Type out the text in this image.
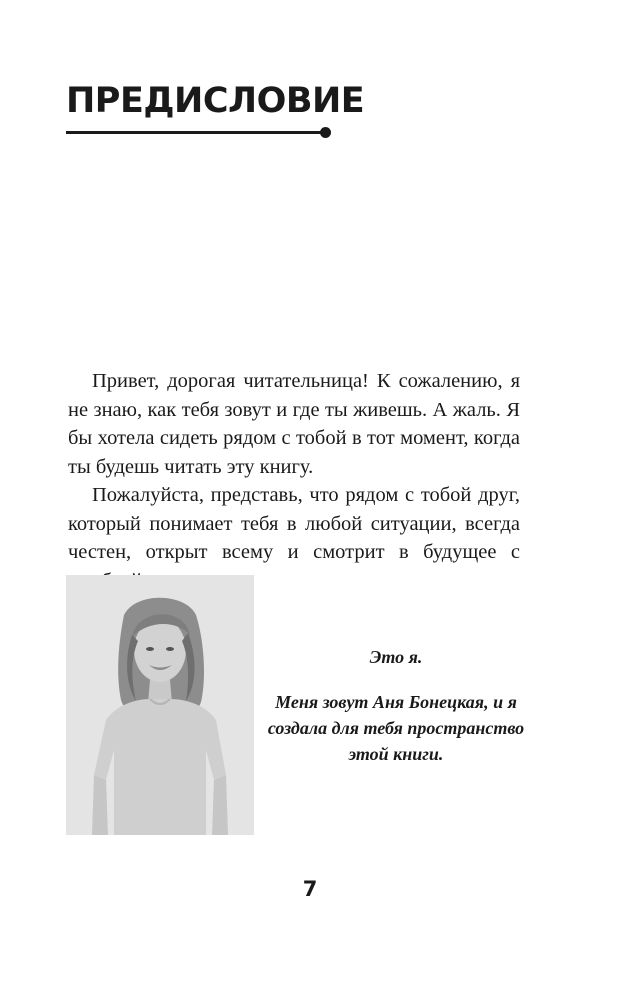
ПРЕДИСЛОВИЕ

Привет, дорогая читательница! К сожалению, я не знаю, как тебя зовут и где ты живешь. А жаль. Я бы хотела сидеть рядом с тобой в тот момент, когда ты будешь читать эту книгу.

Пожалуйста, представь, что рядом с тобой друг, который понимает тебя в любой ситуации, всегда честен, открыт всему и смотрит в будущее с

Это я.

Меня зовут Аня Бонецкая, и я создала для тебя пространство этой книги.

7
